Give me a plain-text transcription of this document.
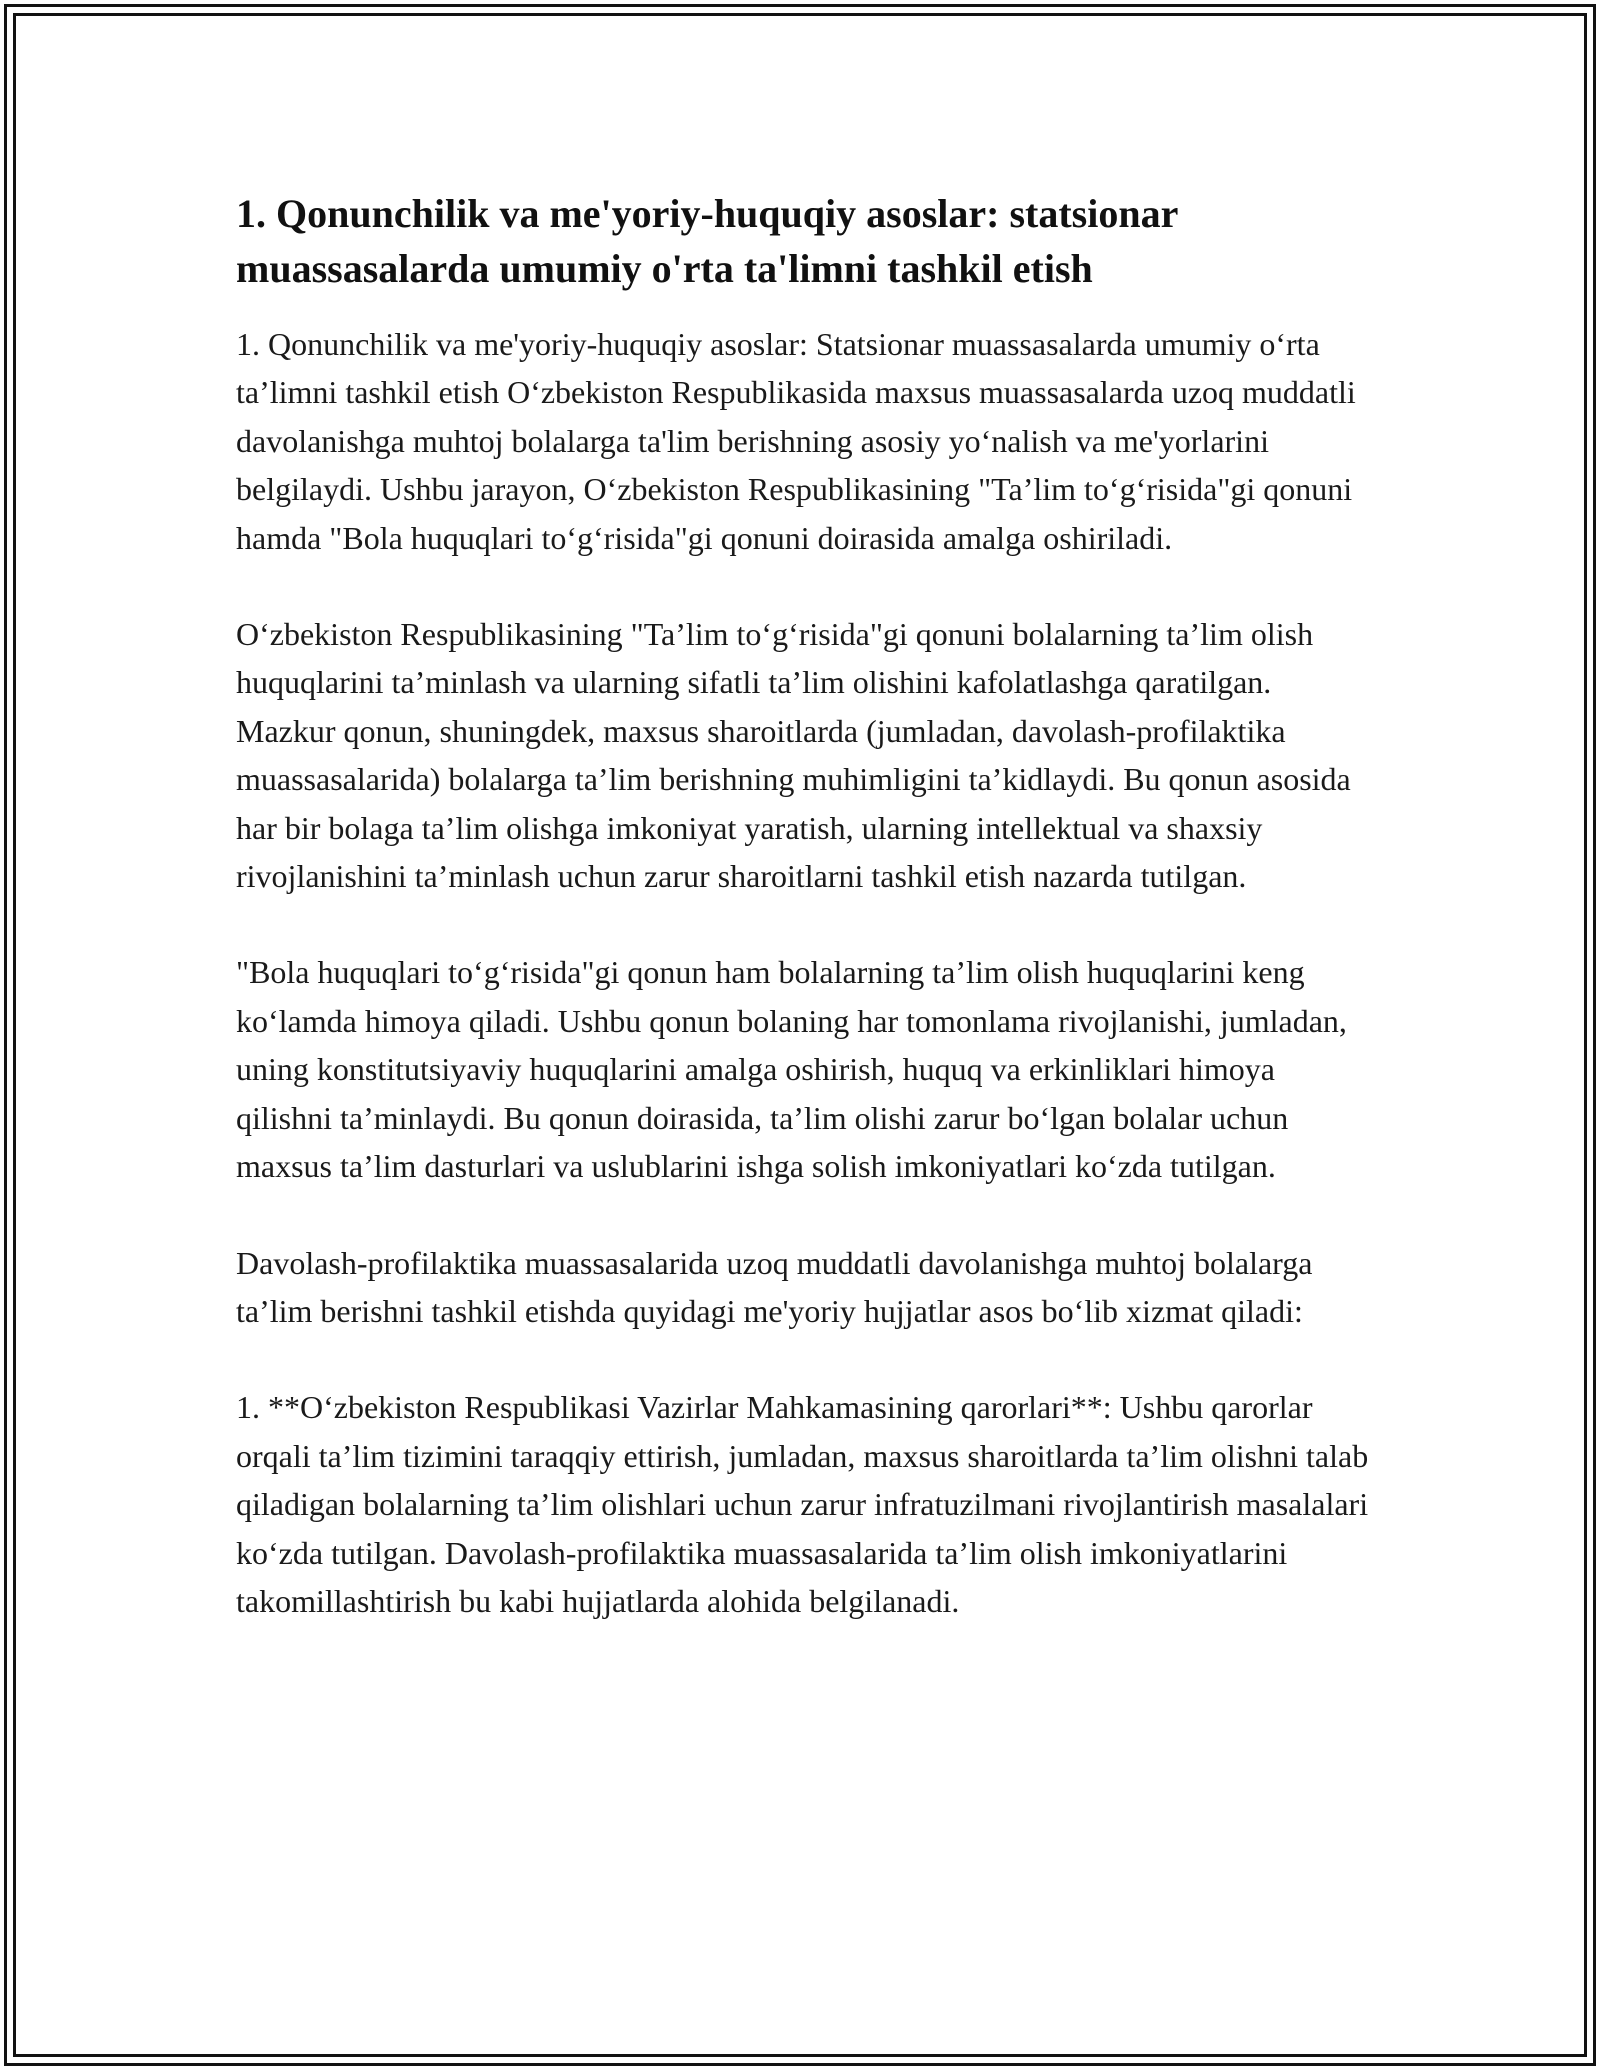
1. Qonunchilik va me'yoriy-huquqiy asoslar: statsionar muassasalarda umumiy o'rta ta'limni tashkil etish

1. Qonunchilik va me'yoriy-huquqiy asoslar: Statsionar muassasalarda umumiy o‘rta ta’limni tashkil etish O‘zbekiston Respublikasida maxsus muassasalarda uzoq muddatli davolanishga muhtoj bolalarga ta'lim berishning asosiy yo‘nalish va me'yorlarini belgilaydi. Ushbu jarayon, O‘zbekiston Respublikasining "Ta’lim to‘g‘risida"gi qonuni hamda "Bola huquqlari to‘g‘risida"gi qonuni doirasida amalga oshiriladi.

O‘zbekiston Respublikasining "Ta’lim to‘g‘risida"gi qonuni bolalarning ta’lim olish huquqlarini ta’minlash va ularning sifatli ta’lim olishini kafolatlashga qaratilgan. Mazkur qonun, shuningdek, maxsus sharoitlarda (jumladan, davolash-profilaktika muassasalarida) bolalarga ta’lim berishning muhimligini ta’kidlaydi. Bu qonun asosida har bir bolaga ta’lim olishga imkoniyat yaratish, ularning intellektual va shaxsiy rivojlanishini ta’minlash uchun zarur sharoitlarni tashkil etish nazarda tutilgan.

"Bola huquqlari to‘g‘risida"gi qonun ham bolalarning ta’lim olish huquqlarini keng ko‘lamda himoya qiladi. Ushbu qonun bolaning har tomonlama rivojlanishi, jumladan, uning konstitutsiyaviy huquqlarini amalga oshirish, huquq va erkinliklari himoya qilishni ta’minlaydi. Bu qonun doirasida, ta’lim olishi zarur bo‘lgan bolalar uchun maxsus ta’lim dasturlari va uslublarini ishga solish imkoniyatlari ko‘zda tutilgan.

Davolash-profilaktika muassasalarida uzoq muddatli davolanishga muhtoj bolalarga ta’lim berishni tashkil etishda quyidagi me'yoriy hujjatlar asos bo‘lib xizmat qiladi:

1. **O‘zbekiston Respublikasi Vazirlar Mahkamasining qarorlari**: Ushbu qarorlar orqali ta’lim tizimini taraqqiy ettirish, jumladan, maxsus sharoitlarda ta’lim olishni talab qiladigan bolalarning ta’lim olishlari uchun zarur infratuzilmani rivojlantirish masalalari ko‘zda tutilgan. Davolash-profilaktika muassasalarida ta’lim olish imkoniyatlarini takomillashtirish bu kabi hujjatlarda alohida belgilanadi.
